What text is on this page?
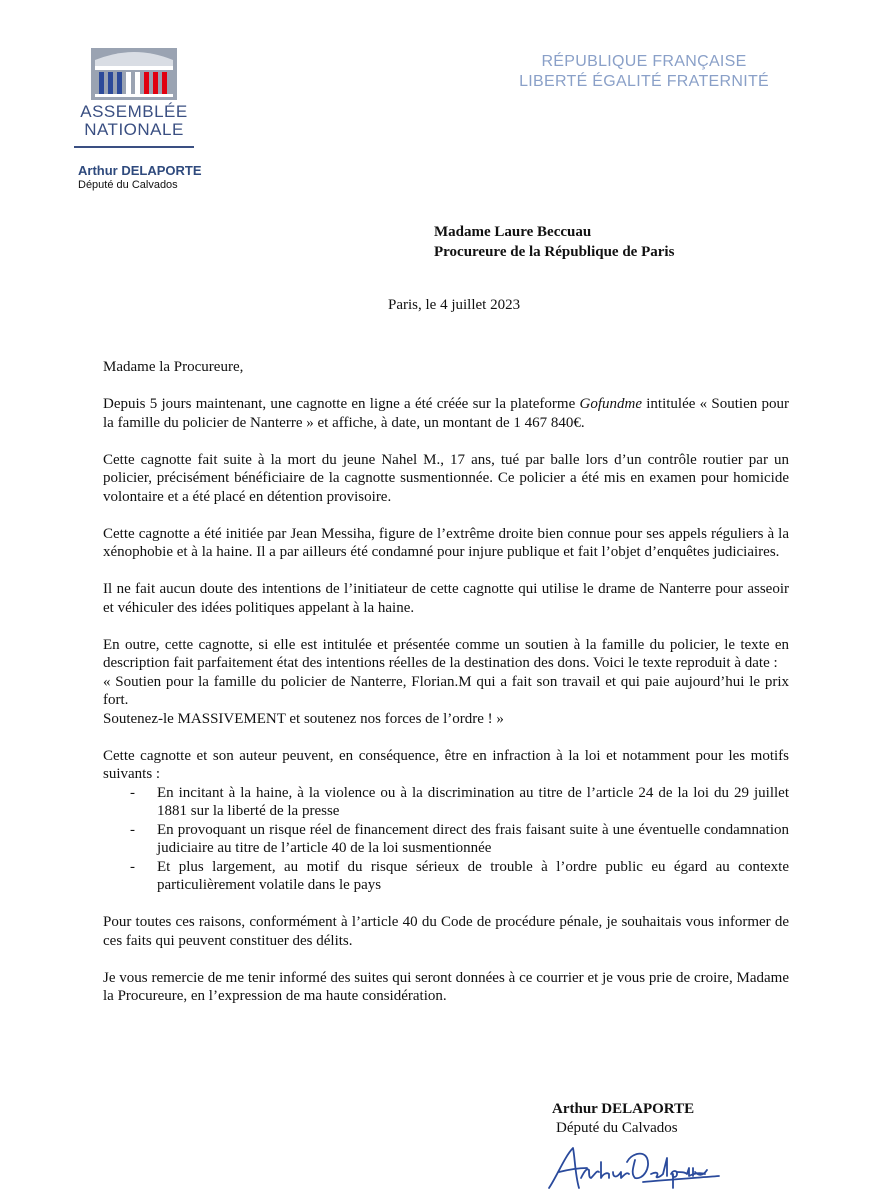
ASSEMBLÉE
NATIONALE
Arthur DELAPORTE
Député du Calvados
RÉPUBLIQUE FRANÇAISE
LIBERTÉ ÉGALITÉ FRATERNITÉ
Madame Laure Beccuau
Procureure de la République de Paris
Paris, le 4 juillet 2023

Madame la Procureure,

Depuis 5 jours maintenant, une cagnotte en ligne a été créée sur la plateforme Gofundme intitulée « Soutien pour la famille du policier de Nanterre » et affiche, à date, un montant de 1 467 840€.

Cette cagnotte fait suite à la mort du jeune Nahel M., 17 ans, tué par balle lors d’un contrôle routier par un policier, précisément bénéficiaire de la cagnotte susmentionnée. Ce policier a été mis en examen pour homicide volontaire et a été placé en détention provisoire.

Cette cagnotte a été initiée par Jean Messiha, figure de l’extrême droite bien connue pour ses appels réguliers à la xénophobie et à la haine. Il a par ailleurs été condamné pour injure publique et fait l’objet d’enquêtes judiciaires.

Il ne fait aucun doute des intentions de l’initiateur de cette cagnotte qui utilise le drame de Nanterre pour asseoir et véhiculer des idées politiques appelant à la haine.

En outre, cette cagnotte, si elle est intitulée et présentée comme un soutien à la famille du policier, le texte en description fait parfaitement état des intentions réelles de la destination des dons. Voici le texte reproduit à date :

« Soutien pour la famille du policier de Nanterre, Florian.M qui a fait son travail et qui paie aujourd’hui le prix fort.

Soutenez-le MASSIVEMENT et soutenez nos forces de l’ordre ! »

Cette cagnotte et son auteur peuvent, en conséquence, être en infraction à la loi et notamment pour les motifs suivants :

- En incitant à la haine, à la violence ou à la discrimination au titre de l’article 24 de la loi du 29 juillet 1881 sur la liberté de la presse
- En provoquant un risque réel de financement direct des frais faisant suite à une éventuelle condamnation judiciaire au titre de l’article 40 de la loi susmentionnée
- Et plus largement, au motif du risque sérieux de trouble à l’ordre public eu égard au contexte particulièrement volatile dans le pays

Pour toutes ces raisons, conformément à l’article 40 du Code de procédure pénale, je souhaitais vous informer de ces faits qui peuvent constituer des délits.

Je vous remercie de me tenir informé des suites qui seront données à ce courrier et je vous prie de croire, Madame la Procureure, en l’expression de ma haute considération.

Arthur DELAPORTE
Député du Calvados
